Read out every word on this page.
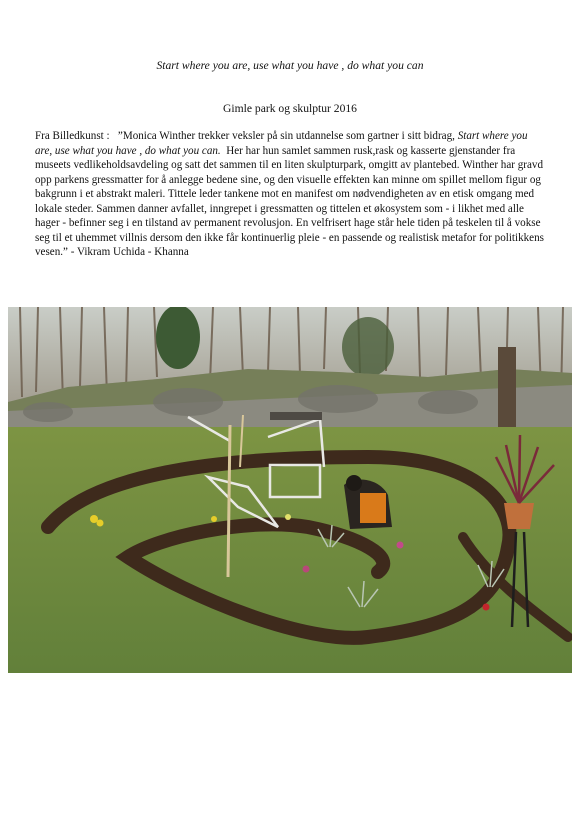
Start where you are, use what you have , do what you can
Gimle park og skulptur 2016

Fra Billedkunst : ”Monica Winther trekker veksler på sin utdannelse som gartner i sitt bidrag, Start where you are, use what you have , do what you can. Her har hun samlet sammen rusk,rask og kasserte gjenstander fra museets vedlikeholdsavdeling og satt det sammen til en liten skulpturpark, omgitt av plantebed. Winther har gravd opp parkens gressmatter for å anlegge bedene sine, og den visuelle effekten kan minne om spillet mellom figur og bakgrunn i et abstrakt maleri. Tittele leder tankene mot en manifest om nødvendigheten av en etisk omgang med lokale steder. Sammen danner avfallet, inngrepet i gressmatten og tittelen et økosystem som - i likhet med alle hager - befinner seg i en tilstand av permanent revolusjon. En velfrisert hage står hele tiden på teskelen til å vokse seg til et uhemmet villnis dersom den ikke får kontinuerlig pleie - en passende og realistisk metafor for politikkens vesen.” - Vikram Uchida - Khanna
